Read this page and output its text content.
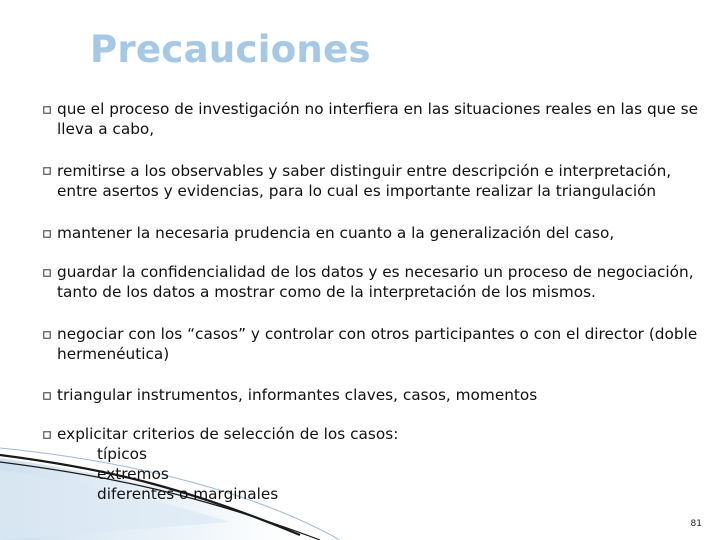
Precauciones
que el proceso de investigación no interfiera en las situaciones reales en las que se
lleva a cabo,
remitirse a los observables y saber distinguir entre descripción e interpretación,
entre asertos y evidencias, para lo cual es importante realizar la triangulación
mantener la necesaria prudencia en cuanto a la generalización del caso,
guardar la confidencialidad de los datos y es necesario un proceso de negociación,
tanto de los datos a mostrar como de la interpretación de los mismos.
negociar con los “casos” y controlar con otros participantes o con el director (doble
hermenéutica)
triangular instrumentos, informantes claves, casos, momentos
explicitar criterios de selección de los casos:
típicos
extremos
diferentes o marginales
81
